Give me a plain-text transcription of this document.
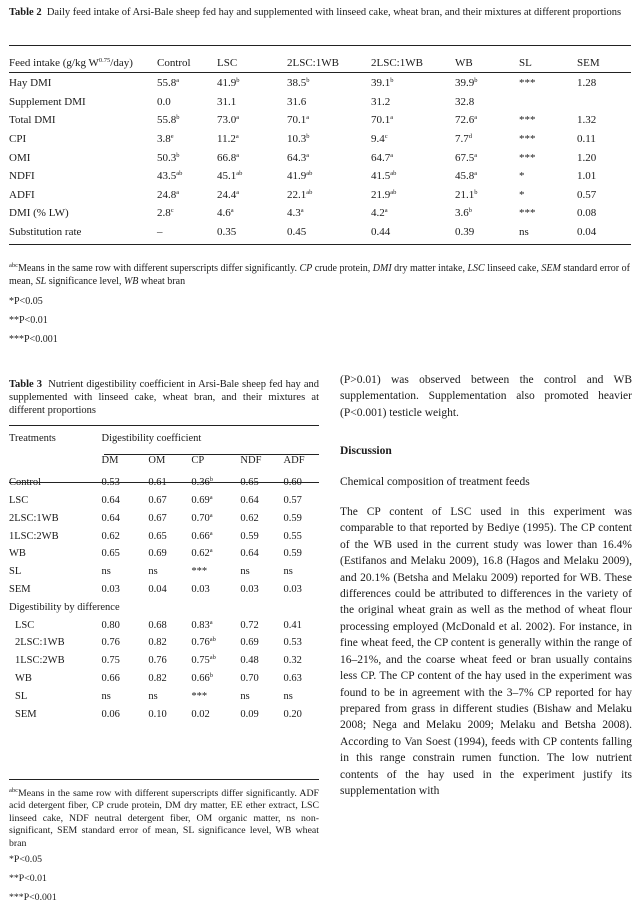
Table 2 Daily feed intake of Arsi-Bale sheep fed hay and supplemented with linseed cake, wheat bran, and their mixtures at different proportions
Feed intake (g/kg $W^{0.75}/day$)	Control	LSC	2LSC:1WB	2LSC:1WB	WB	SL	SEM
Hay DMI	55.8$^a$	41.9$^b$	38.5$^b$	39.1$^b$	39.9$^b$	***	1.28
Supplement DMI	0.0	31.1	31.6	31.2	32.8		
Total DMI	55.8$^b$	73.0$^a$	70.1$^a$	70.1$^a$	72.6$^a$	***	1.32
CPI	3.8e	11.2$^a$	10.3$^b$	9.4$^c$	7.7$^d$	***	0.11
OMI	50.3$^b$	66.8$^a$	64.3$^a$	64.7$^a$	67.5$^a$	***	1.20
NDFI	43.5$^{ab}$	45.1$^{ab}$	41.9$^{ab}$	41.5$^{ab}$	45.8$^a$	*	1.01
ADFI	24.8$^a$	24.4$^a$	22.1$^{ab}$	21.9$^{ab}$	21.1$^b$	*	0.57
DMI (% LW)	2.8$^c$	4.6$^a$	4.3$^a$	4.2$^a$	3.6$^b$	***	0.08
Substitution rate	–	0.35	0.45	0.44	0.39	ns	0.04
$^{abc}$Means in the same row with different superscripts differ significantly. CP crude protein, DMI dry matter intake, LSC linseed cake, SEM standard error of mean, SL significance level, WB wheat bran
*P<0.05
**P<0.01
***P<0.001
Table 3 Nutrient digestibility coefficient in Arsi-Bale sheep fed hay and supplemented with linseed cake, wheat bran, and their mixtures at different proportions
Treatments	Digestibility coefficient				
	DM	OM	CP	NDF	ADF
Control	0.53	0.61	0.36$^b$	0.65	0.60
LSC	0.64	0.67	0.69$^a$	0.64	0.57
2LSC:1WB	0.64	0.67	0.70$^a$	0.62	0.59
1LSC:2WB	0.62	0.65	0.66$^a$	0.59	0.55
WB	0.65	0.69	0.62$^a$	0.64	0.59
SL	ns	ns	***	ns	ns
SEM	0.03	0.04	0.03	0.03	0.03
Digestibility by difference					
LSC	0.80	0.68	0.83$^a$	0.72	0.41
2LSC:1WB	0.76	0.82	0.76$^{ab}$	0.69	0.53
1LSC:2WB	0.75	0.76	0.75$^{ab}$	0.48	0.32
WB	0.66	0.82	0.66$^b$	0.70	0.63
SL	ns	ns	***	ns	ns
SEM	0.06	0.10	0.02	0.09	0.20
$^{abc}$Means in the same row with different superscripts differ significantly. ADF acid detergent fiber, CP crude protein, DM dry matter, EE ether extract, LSC linseed cake, NDF neutral detergent fiber, OM organic matter, ns non-significant, SEM standard error of mean, SL significance level, WB wheat bran
*P<0.05
**P<0.01
***P<0.001

(P>0.01) was observed between the control and WB supplementation. Supplementation also promoted heavier (P<0.001) testicle weight.

Discussion

Chemical composition of treatment feeds

The CP content of LSC used in this experiment was comparable to that reported by Bediye (1995). The CP content of the WB used in the current study was lower than 16.4% (Estifanos and Melaku 2009), 16.8 (Hagos and Melaku 2009), and 20.1% (Betsha and Melaku 2009) reported for WB. These differences could be attributed to differences in the variety of the original wheat grain as well as the method of wheat flour processing employed (McDonald et al. 2002). For instance, in fine wheat feed, the CP content is generally within the range of 16–21%, and the coarse wheat feed or bran usually contains less CP. The CP content of the hay used in the experiment was found to be in agreement with the 3–7% CP reported for hay prepared from grass in different studies (Bishaw and Melaku 2008; Nega and Melaku 2009; Melaku and Betsha 2008). According to Van Soest (1994), feeds with CP contents falling in this range constrain rumen function. The low nutrient contents of the hay used in the experiment justify its supplementation with
